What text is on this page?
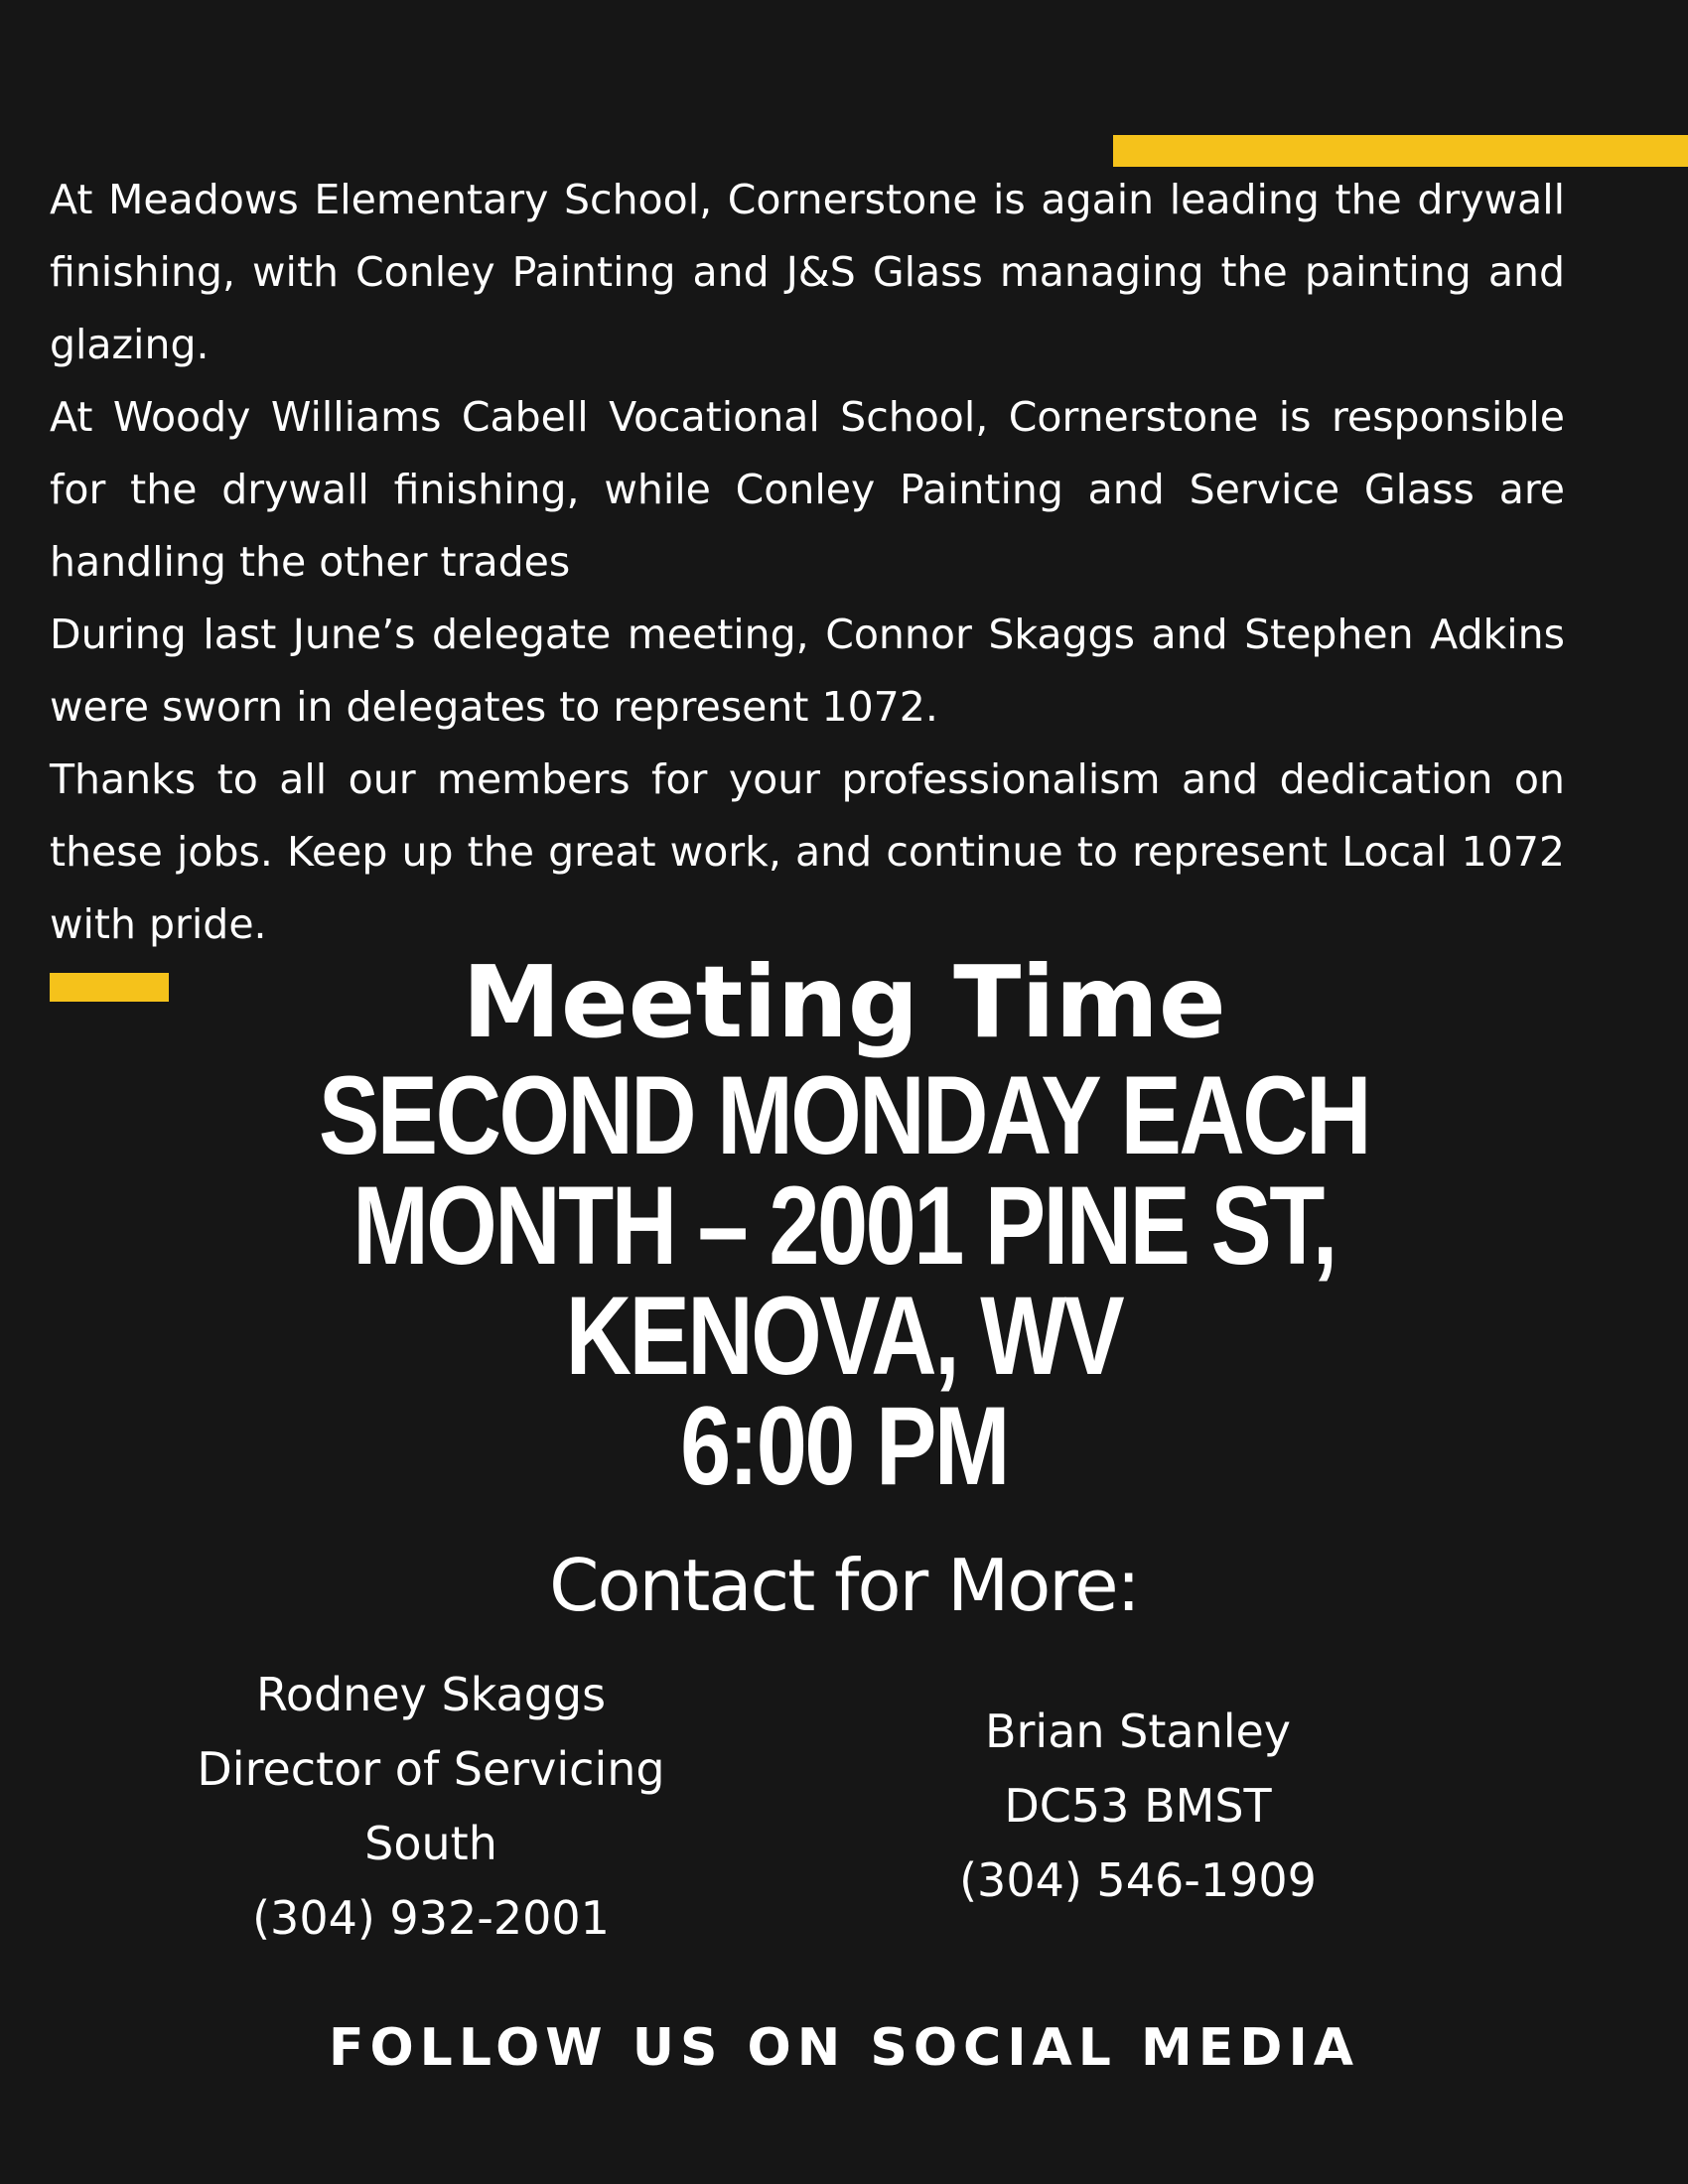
At Meadows Elementary School, Cornerstone is again leading the drywall finishing, with Conley Painting and J&S Glass managing the painting and glazing.

At Woody Williams Cabell Vocational School, Cornerstone is responsible for the drywall finishing, while Conley Painting and Service Glass are handling the other trades

During last June’s delegate meeting, Connor Skaggs and Stephen Adkins were sworn in delegates to represent 1072.

Thanks to all our members for your professionalism and dedication on these jobs. Keep up the great work, and continue to represent Local 1072 with pride.

Meeting Time
SECOND MONDAY EACH
MONTH – 2001 PINE ST,
KENOVA, WV
6:00 PM
Contact for More:
Rodney Skaggs
Director of Servicing
South
(304) 932-2001
Brian Stanley
DC53 BMST
(304) 546-1909
FOLLOW US ON SOCIAL MEDIA
